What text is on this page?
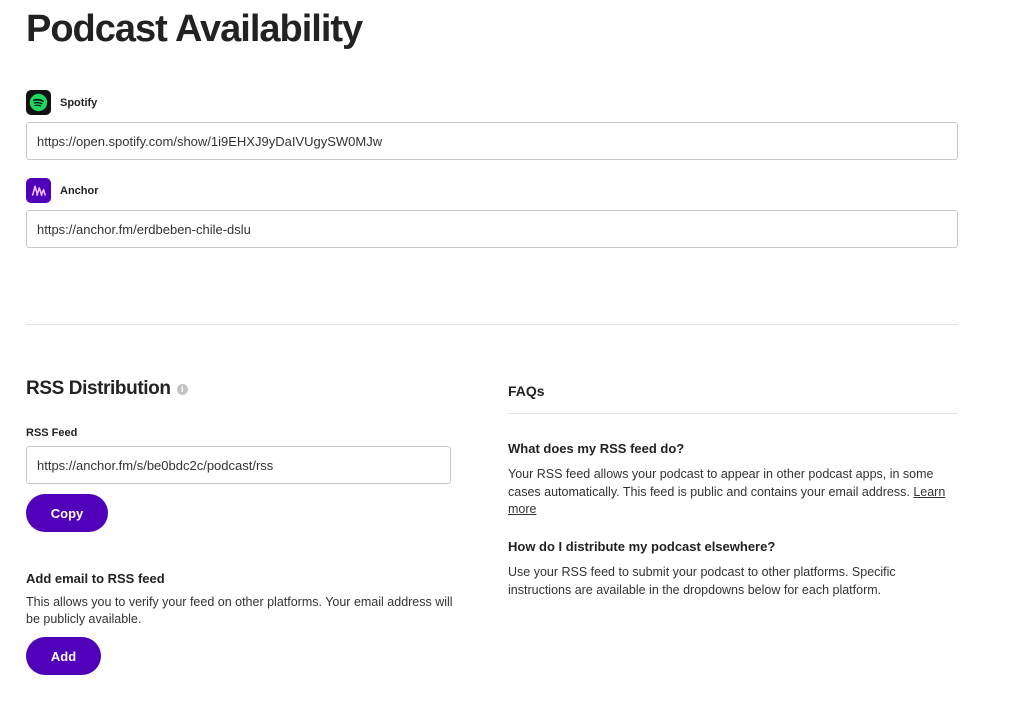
Podcast Availability
Spotify
https://open.spotify.com/show/1i9EHXJ9yDaIVUgySW0MJw
Anchor
https://anchor.fm/erdbeben-chile-dslu
RSS Distribution	i
RSS Feed
https://anchor.fm/s/be0bdc2c/podcast/rss
Copy
Add email to RSS feed
This allows you to verify your feed on other platforms. Your email address will be publicly available.
Add
FAQs
What does my RSS feed do?
Your RSS feed allows your podcast to appear in other podcast apps, in some cases automatically. This feed is public and contains your email address. Learn more
How do I distribute my podcast elsewhere?
Use your RSS feed to submit your podcast to other platforms. Specific instructions are available in the dropdowns below for each platform.
